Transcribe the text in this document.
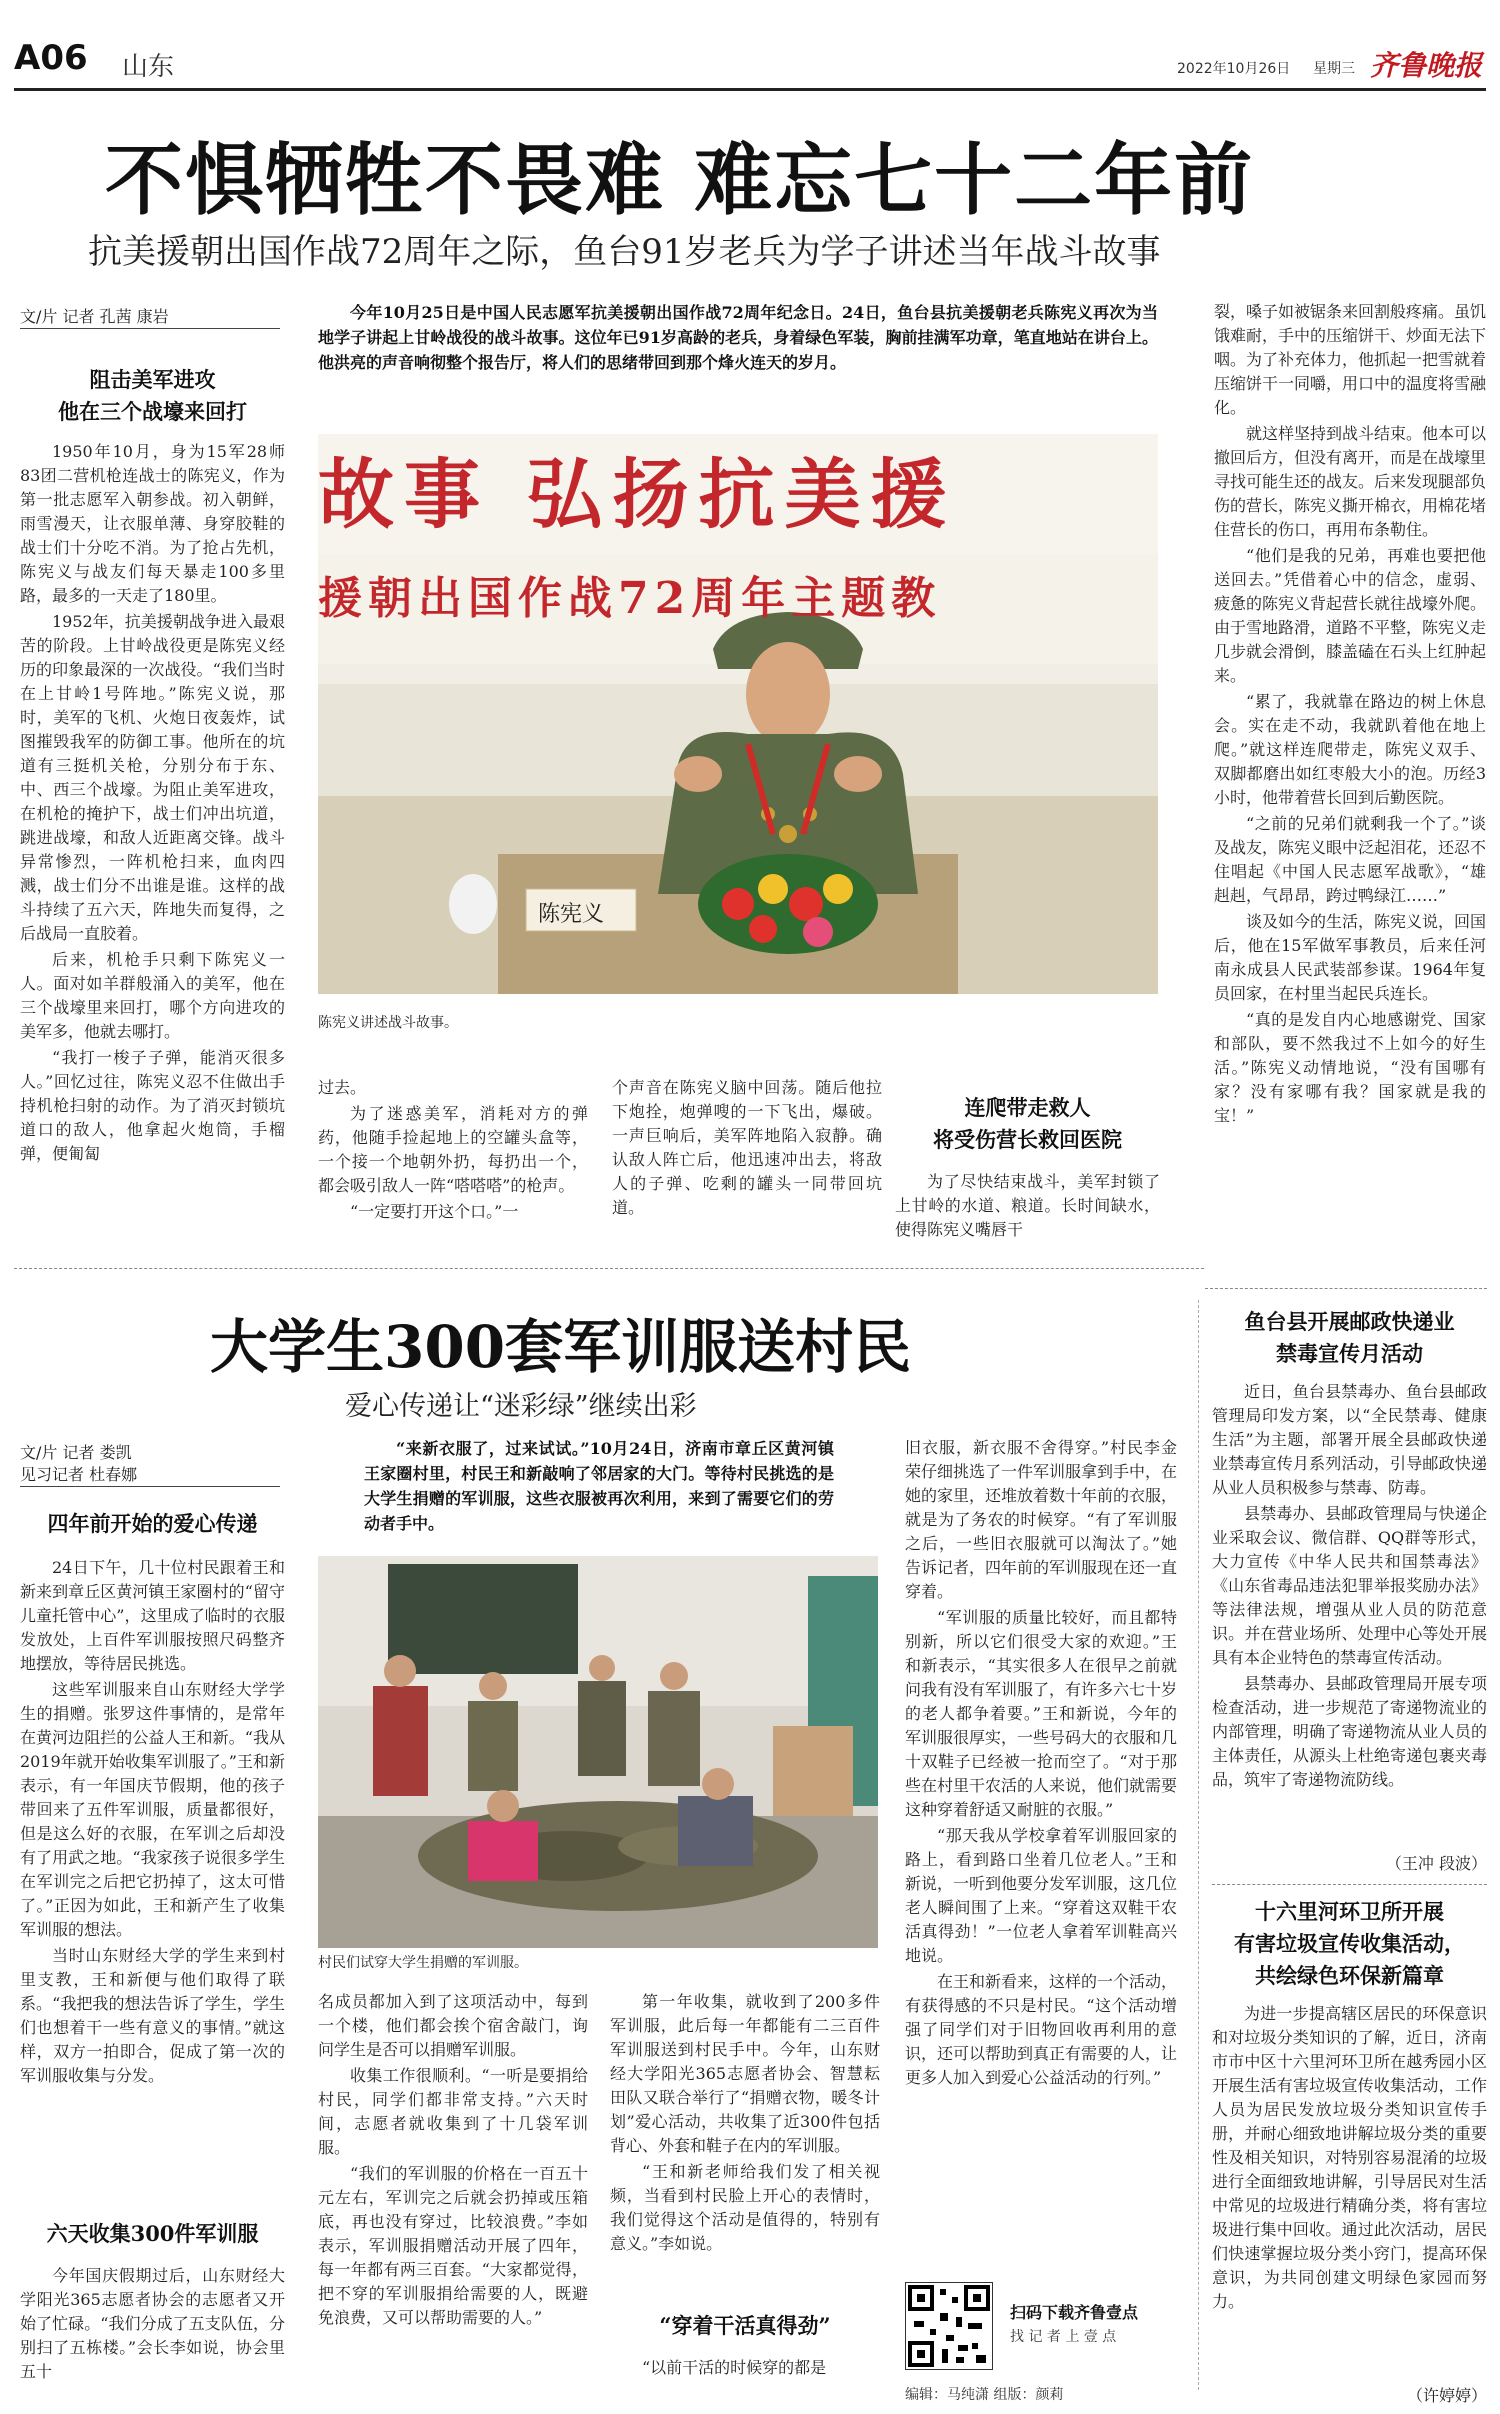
A06 山东	2022年10月26日 星期三 齐鲁晚报
不惧牺牲不畏难 难忘七十二年前
抗美援朝出国作战72周年之际，鱼台91岁老兵为学子讲述当年战斗故事
文/片 记者 孔茜 康岩
阻击美军进攻
他在三个战壕来回打

1950年10月，身为15军28师83团二营机枪连战士的陈宪义，作为第一批志愿军入朝参战。初入朝鲜，雨雪漫天，让衣服单薄、身穿胶鞋的战士们十分吃不消。为了抢占先机，陈宪义与战友们每天暴走100多里路，最多的一天走了180里。

1952年，抗美援朝战争进入最艰苦的阶段。上甘岭战役更是陈宪义经历的印象最深的一次战役。“我们当时在上甘岭1号阵地。”陈宪义说，那时，美军的飞机、火炮日夜轰炸，试图摧毁我军的防御工事。他所在的坑道有三挺机关枪，分别分布于东、中、西三个战壕。为阻止美军进攻，在机枪的掩护下，战士们冲出坑道，跳进战壕，和敌人近距离交锋。战斗异常惨烈，一阵机枪扫来，血肉四溅，战士们分不出谁是谁。这样的战斗持续了五六天，阵地失而复得，之后战局一直胶着。

后来，机枪手只剩下陈宪义一人。面对如羊群般涌入的美军，他在三个战壕里来回打，哪个方向进攻的美军多，他就去哪打。

“我打一梭子子弹，能消灭很多人。”回忆过往，陈宪义忍不住做出手持机枪扫射的动作。为了消灭封锁坑道口的敌人，他拿起火炮筒，手榴弹，便匍匐

今年10月25日是中国人民志愿军抗美援朝出国作战72周年纪念日。24日，鱼台县抗美援朝老兵陈宪义再次为当地学子讲起上甘岭战役的战斗故事。这位年已91岁高龄的老兵，身着绿色军装，胸前挂满军功章，笔直地站在讲台上。他洪亮的声音响彻整个报告厅，将人们的思绪带回到那个烽火连天的岁月。
故事 弘扬抗美援
援朝出国作战72周年主题教
陈宪义
陈宪义讲述战斗故事。

过去。

为了迷惑美军，消耗对方的弹药，他随手捡起地上的空罐头盒等，一个接一个地朝外扔，每扔出一个，都会吸引敌人一阵“嗒嗒嗒”的枪声。

“一定要打开这个口。”一

个声音在陈宪义脑中回荡。随后他拉下炮拴，炮弹嗖的一下飞出，爆破。一声巨响后，美军阵地陷入寂静。确认敌人阵亡后，他迅速冲出去，将敌人的子弹、吃剩的罐头一同带回坑道。

连爬带走救人
将受伤营长救回医院

为了尽快结束战斗，美军封锁了上甘岭的水道、粮道。长时间缺水，使得陈宪义嘴唇干

裂，嗓子如被锯条来回割般疼痛。虽饥饿难耐，手中的压缩饼干、炒面无法下咽。为了补充体力，他抓起一把雪就着压缩饼干一同嚼，用口中的温度将雪融化。

就这样坚持到战斗结束。他本可以撤回后方，但没有离开，而是在战壕里寻找可能生还的战友。后来发现腿部负伤的营长，陈宪义撕开棉衣，用棉花堵住营长的伤口，再用布条勒住。

“他们是我的兄弟，再难也要把他送回去。”凭借着心中的信念，虚弱、疲惫的陈宪义背起营长就往战壕外爬。由于雪地路滑，道路不平整，陈宪义走几步就会滑倒，膝盖磕在石头上红肿起来。

“累了，我就靠在路边的树上休息会。实在走不动，我就趴着他在地上爬。”就这样连爬带走，陈宪义双手、双脚都磨出如红枣般大小的泡。历经3小时，他带着营长回到后勤医院。

“之前的兄弟们就剩我一个了。”谈及战友，陈宪义眼中泛起泪花，还忍不住唱起《中国人民志愿军战歌》，“雄赳赳，气昂昂，跨过鸭绿江……”

谈及如今的生活，陈宪义说，回国后，他在15军做军事教员，后来任河南永成县人民武装部参谋。1964年复员回家，在村里当起民兵连长。

“真的是发自内心地感谢党、国家和部队，要不然我过不上如今的好生活。”陈宪义动情地说，“没有国哪有家？没有家哪有我？国家就是我的宝！”

大学生300套军训服送村民
爱心传递让“迷彩绿”继续出彩
文/片 记者 娄凯
见习记者 杜春娜
“来新衣服了，过来试试。”10月24日，济南市章丘区黄河镇王家圈村里，村民王和新敲响了邻居家的大门。等待村民挑选的是大学生捐赠的军训服，这些衣服被再次利用，来到了需要它们的劳动者手中。
四年前开始的爱心传递

24日下午，几十位村民跟着王和新来到章丘区黄河镇王家圈村的“留守儿童托管中心”，这里成了临时的衣服发放处，上百件军训服按照尺码整齐地摆放，等待居民挑选。

这些军训服来自山东财经大学学生的捐赠。张罗这件事情的，是常年在黄河边阻拦的公益人王和新。“我从2019年就开始收集军训服了。”王和新表示，有一年国庆节假期，他的孩子带回来了五件军训服，质量都很好，但是这么好的衣服，在军训之后却没有了用武之地。“我家孩子说很多学生在军训完之后把它扔掉了，这太可惜了。”正因为如此，王和新产生了收集军训服的想法。

当时山东财经大学的学生来到村里支教，王和新便与他们取得了联系。“我把我的想法告诉了学生，学生们也想着干一些有意义的事情。”就这样，双方一拍即合，促成了第一次的军训服收集与分发。

六天收集300件军训服

今年国庆假期过后，山东财经大学阳光365志愿者协会的志愿者又开始了忙碌。“我们分成了五支队伍，分别扫了五栋楼。”会长李如说，协会里五十

村民们试穿大学生捐赠的军训服。

名成员都加入到了这项活动中，每到一个楼，他们都会挨个宿舍敲门，询问学生是否可以捐赠军训服。

收集工作很顺利。“一听是要捐给村民，同学们都非常支持。”六天时间，志愿者就收集到了十几袋军训服。

“我们的军训服的价格在一百五十元左右，军训完之后就会扔掉或压箱底，再也没有穿过，比较浪费。”李如表示，军训服捐赠活动开展了四年，每一年都有两三百套。“大家都觉得，把不穿的军训服捐给需要的人，既避免浪费，又可以帮助需要的人。”

第一年收集，就收到了200多件军训服，此后每一年都能有二三百件军训服送到村民手中。今年，山东财经大学阳光365志愿者协会、智慧耘田队又联合举行了“捐赠衣物，暖冬计划”爱心活动，共收集了近300件包括背心、外套和鞋子在内的军训服。

“王和新老师给我们发了相关视频，当看到村民脸上开心的表情时，我们觉得这个活动是值得的，特别有意义。”李如说。

“穿着干活真得劲”

“以前干活的时候穿的都是

旧衣服，新衣服不舍得穿。”村民李金荣仔细挑选了一件军训服拿到手中，在她的家里，还堆放着数十年前的衣服，就是为了务农的时候穿。“有了军训服之后，一些旧衣服就可以淘汰了。”她告诉记者，四年前的军训服现在还一直穿着。

“军训服的质量比较好，而且都特别新，所以它们很受大家的欢迎。”王和新表示，“其实很多人在很早之前就问我有没有军训服了，有许多六七十岁的老人都争着要。”王和新说，今年的军训服很厚实，一些号码大的衣服和几十双鞋子已经被一抢而空了。“对于那些在村里干农活的人来说，他们就需要这种穿着舒适又耐脏的衣服。”

“那天我从学校拿着军训服回家的路上，看到路口坐着几位老人。”王和新说，一听到他要分发军训服，这几位老人瞬间围了上来。“穿着这双鞋干农活真得劲！”一位老人拿着军训鞋高兴地说。

在王和新看来，这样的一个活动，有获得感的不只是村民。“这个活动增强了同学们对于旧物回收再利用的意识，还可以帮助到真正有需要的人，让更多人加入到爱心公益活动的行列。”

扫码下载齐鲁壹点
找 记 者 上 壹 点
编辑：马纯潇 组版：颜莉
鱼台县开展邮政快递业
禁毒宣传月活动

近日，鱼台县禁毒办、鱼台县邮政管理局印发方案，以“全民禁毒、健康生活”为主题，部署开展全县邮政快递业禁毒宣传月系列活动，引导邮政快递从业人员积极参与禁毒、防毒。

县禁毒办、县邮政管理局与快递企业采取会议、微信群、QQ群等形式，大力宣传《中华人民共和国禁毒法》《山东省毒品违法犯罪举报奖励办法》等法律法规，增强从业人员的防范意识。并在营业场所、处理中心等处开展具有本企业特色的禁毒宣传活动。

县禁毒办、县邮政管理局开展专项检查活动，进一步规范了寄递物流业的内部管理，明确了寄递物流从业人员的主体责任，从源头上杜绝寄递包裹夹毒品，筑牢了寄递物流防线。

（王冲 段波）
十六里河环卫所开展
有害垃圾宣传收集活动，
共绘绿色环保新篇章

为进一步提高辖区居民的环保意识和对垃圾分类知识的了解，近日，济南市市中区十六里河环卫所在越秀园小区开展生活有害垃圾宣传收集活动，工作人员为居民发放垃圾分类知识宣传手册，并耐心细致地讲解垃圾分类的重要性及相关知识，对特别容易混淆的垃圾进行全面细致地讲解，引导居民对生活中常见的垃圾进行精确分类，将有害垃圾进行集中回收。通过此次活动，居民们快速掌握垃圾分类小窍门，提高环保意识，为共同创建文明绿色家园而努力。

（许婷婷）
